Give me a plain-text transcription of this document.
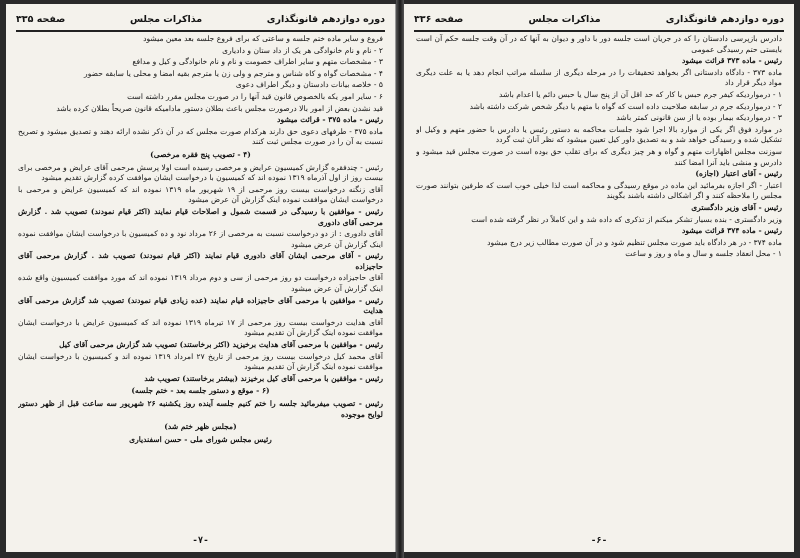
دوره دوازدهم قانونگذاری
مذاکرات مجلس
صفحه ۳۳۵

فروع و سایر ماده ختم جلسه و ساعتی که برای فروع جلسه بعد معین میشود

۲ - نام و نام خانوادگی هر یک از داد ستان و دادیاری

۳ - مشخصات متهم و سایر اطراف خصومت و نام و نام خانوادگی و کیل و مدافع

۴ - مشخصات گواه و کاه شناس و مترجم و ولی زن یا مترجم بقیه امضا و محلی یا سابقه حضور

۵ - خلاصه بیانات دادستان و دیگر اطراف دعوی

۶ - سایر امور یکه بالخصوص قانون قید آنها را در صورت مجلس مقرر داشته است

قید نشدن بعض از امور بالا درصورت مجلس باعث بطلان دستور مادامیکه قانون صریحاً بطلان کرده باشد

رئیس - ماده ۳۷۵ - قرائت میشود

ماده ۳۷۵ - طرفهای دعوی حق دارند هرکدام صورت مجلس که در آن ذکر نشده ارائه دهند و تصدیق میشود و تصریح نسبت به آن را در صورت مجلس ثبت کنند

(۴ - تصویب پنج فقره مرخصی)

رئیس - چندفقره گزارش کمیسیون عرایض و مرخصی رسیده است اولا پرسش مرحمی آقای عرایض و مرخصی برای بیست روز از اول آذرماه ۱۳۱۹ نموده اند که کمیسیون با درخواست ایشان موافقت کرده گزارش تقدیم میشود

آقای زنگنه درخواست بیست روز مرحمی از ۱۹ شهریور ماه ۱۳۱۹ نموده اند که کمیسیون عرایض و مرحمی با درخواست ایشان موافقت نموده اینک گزارش آن عرض میشود

رئیس - موافقین با رسیدگی در قسمت شمول و اصلاحات قیام نمایند (اکثر قیام نمودند) تصویب شد . گزارش مرحمی آقای دادوری

آقای دادوری : از دو درخواست نسبت به مرخصی از ۲۶ مرداد نود و ده کمیسیون با درخواست ایشان موافقت نموده اینک گزارش آن عرض میشود

رئیس - آقای مرحمی ایشان آقای دادوری قیام نمایند (اکثر قیام نمودند) تصویب شد . گزارش مرحمی آقای حاجیزاده

آقای حاجیزاده درخواست دو روز مرحمی از سی و دوم مرداد ۱۳۱۹ نموده اند که مورد موافقت کمیسیون واقع شده اینک گزارش آن عرض میشود

رئیس - موافقین با مرحمی آقای حاجیزاده قیام نمایند (عده زیادی قیام نمودند) تصویب شد گزارش مرحمی آقای هدایت

آقای هدایت درخواست بیست روز مرحمی از ۱۷ تیرماه ۱۳۱۹ نموده اند که کمیسیون عرایض با درخواست ایشان موافقت نموده اینک گزارش آن تقدیم میشود

رئیس - موافقین با مرحمی آقای هدایت برخیزید (اکثر برخاستند) تصویب شد گزارش مرحمی آقای کیل

آقای محمد کیل درخواست بیست روز مرحمی از تاریخ ۲۷ امرداد ۱۳۱۹ نموده اند و کمیسیون با درخواست ایشان موافقت نموده اینک گزارش آن تقدیم میشود

رئیس - موافقین با مرحمی آقای کیل برخیزند (بیشتر برخاستند) تصویب شد

(۶ - موقع و دستور جلسه بعد - ختم جلسه)

رئیس - تصویب میفرمائید جلسه را ختم کنیم جلسه آینده روز یکشنبه ۲۶ شهریور سه ساعت قبل از ظهر دستور لوایح موجوده

(مجلس ظهر ختم شد)

رئیس مجلس شورای ملی - حسن اسفندیاری

-۷-
دوره دوازدهم قانونگذاری
مذاکرات مجلس
صفحه ۳۳۶

دادرس بازپرسی دادستان را که در جریان است جلسه دور با داور و دیوان به آنها که در آن وقت جلسه حکم آن است بایستی حتم رسیدگی عمومی

رئیس - ماده ۳۷۳ قرائت میشود

ماده ۳۷۳ - دادگاه دادستانی اگر بخواهد تحقیقات را در مرحله دیگری از سلسله مراتب انجام دهد یا به علت دیگری مواد دیگر قرار داد

۱ - درمواردیکه کیفر جرم حبس با کار که حد اقل آن از پنج سال یا حبس دائم یا اعدام باشد

۲ - درمواردیکه جرم در سابقه صلاحیت داده است که گواه با متهم یا دیگر شخص شرکت داشته باشد

۳ - درمواردیکه بیمار بوده یا از سن قانونی کمتر باشد

در موارد فوق اگر یکی از موارد بالا اجرا شود جلسات محاکمه به دستور رئیس یا دادرس با حضور متهم و وکیل او تشکیل شده و رسیدگی خواهد شد و به تصدیق داور کیل تعیین میشود که نظر آنان ثبت گردد

سوزنت مجلس اظهارات متهم و گواه و هر چیز دیگری که برای تقلب حق بوده است در صورت مجلس قید میشود و دادرس و منشی باید آنرا امضا کنند

رئیس - آقای اعتبار (اجازه)

اعتبار - اگر اجازه بفرمائید این ماده در موقع رسیدگی و محاکمه است لذا خیلی خوب است که طرفین بتوانند صورت مجلس را ملاحظه کنند و اگر اشکالی داشته باشند بگویند

رئیس - آقای وزیر دادگستری

وزیر دادگستری - بنده بسیار تشکر میکنم از تذکری که داده شد و این کاملاً در نظر گرفته شده است

رئیس - ماده ۳۷۴ قرائت میشود

ماده ۳۷۴ - در هر دادگاه باید صورت مجلس تنظیم شود و در آن صورت مطالب زیر درج میشود

۱ - محل انعقاد جلسه و سال و ماه و روز و ساعت

-۶-
